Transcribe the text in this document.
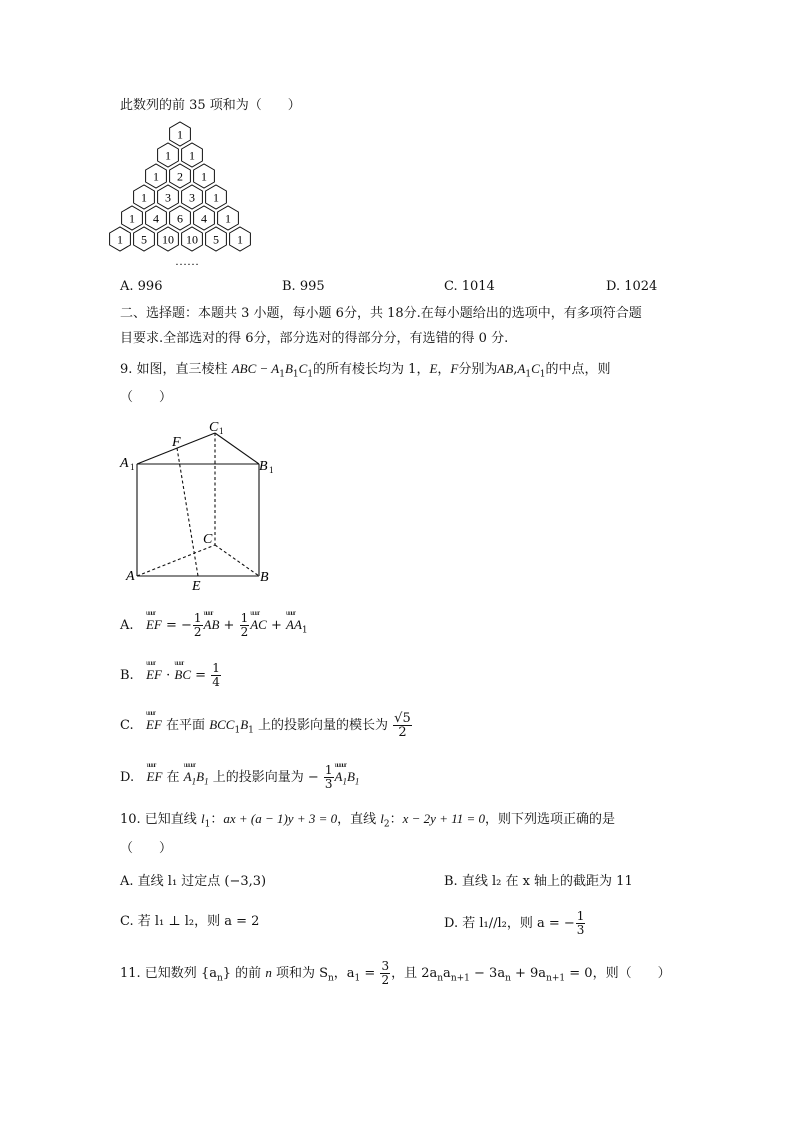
此数列的前 35 项和为（　　）
1
1 1
1 2 1
1 3 3 1
1 4 6 4 1
1 5 10 10 5 1
……
A. 996	B. 995	C. 1014	D. 1024
二、选择题：本题共 3 小题，每小题 6分，共 18分.在每小题给出的选项中，有多项符合题
目要求.全部选对的得 6分，部分选对的得部分分，有选错的得 0 分.
9. 如图，直三棱柱 ABC − $A_1B_1C_1$的所有棱长均为 1，E，F分别为$AB,A_1C_1$的中点，则
（　　）
C 1
F
A 1	B 1
C
A	B
E
A.
uuur
EF = − $\frac{1}{2}$ uuur
AB + $\frac{1}{2}$ uuur
AC +
uuur
$AA_1$
B.
uuur
EF ·
uuur
BC = $\frac{1}{4}$
C.
uuur
EF 在平面 $BCC_1B_1$ 上的投影向量的模长为 $\frac{√5}{2}$
D.
uuur
EF 在
uuuur
$A_1B_1$ 上的投影向量为 − $\frac{1}{3}$ uuuur
$A_1B_1$
10. 已知直线 $l_1$：ax + (a − 1)y + 3 = 0，直线 $l_2$：x − 2y + 11 = 0，则下列选项正确的是
（　　）
A. 直线 l₁ 过定点 (−3,3)	B. 直线 l₂ 在 x 轴上的截距为 11
C. 若 l₁ ⊥ l₂，则 a = 2	D. 若 l₁//l₂，则 a = − $\frac{1}{3}$
11. 已知数列 $\{a_n\}$ 的前 n 项和为 $S_n$，$a_1 = \frac{3}{2}$ ，且 $2a_na_{n+1} - 3a_n + 9a_{n+1} = 0$，则（　　）
